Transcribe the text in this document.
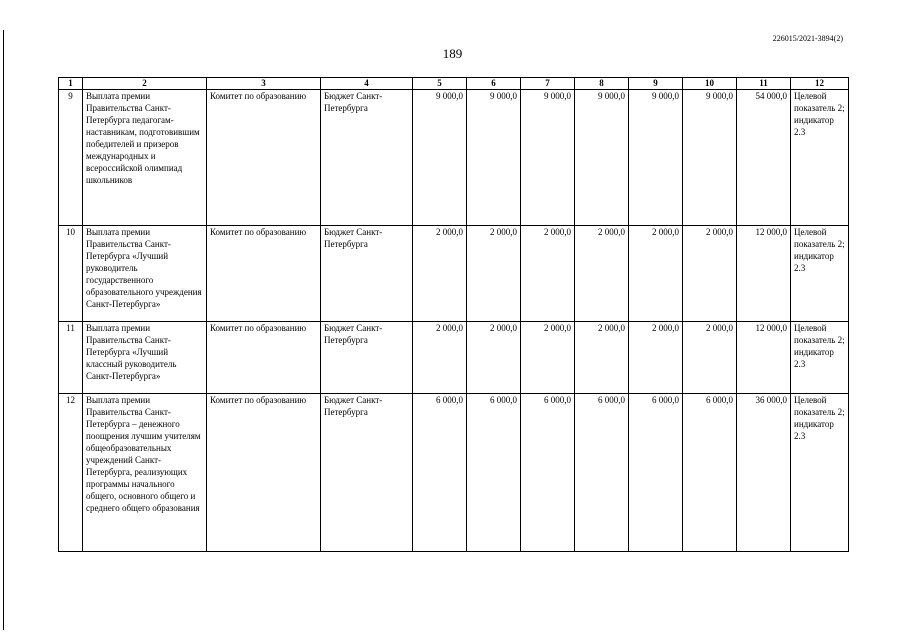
226015/2021-3894(2)
189
1	2	3	4	5	6	7	8	9	10	11	12
9	Выплата премии Правительства Санкт-Петербурга педагогам-наставникам, подготовившим победителей и призеров международных и всероссийской олимпиад школьников	Комитет по образованию	Бюджет Санкт-Петербурга	9 000,0	9 000,0	9 000,0	9 000,0	9 000,0	9 000,0	54 000,0	Целевой показатель 2; индикатор 2.3
10	Выплата премии Правительства Санкт-Петербурга «Лучший руководитель государственного образовательного учреждения Санкт-Петербурга»	Комитет по образованию	Бюджет Санкт-Петербурга	2 000,0	2 000,0	2 000,0	2 000,0	2 000,0	2 000,0	12 000,0	Целевой показатель 2; индикатор 2.3
11	Выплата премии Правительства Санкт-Петербурга «Лучший классный руководитель Санкт-Петербурга»	Комитет по образованию	Бюджет Санкт-Петербурга	2 000,0	2 000,0	2 000,0	2 000,0	2 000,0	2 000,0	12 000,0	Целевой показатель 2; индикатор 2.3
12	Выплата премии Правительства Санкт-Петербурга – денежного поощрения лучшим учителям общеобразовательных учреждений Санкт-Петербурга, реализующих программы начального общего, основного общего и среднего общего образования	Комитет по образованию	Бюджет Санкт-Петербурга	6 000,0	6 000,0	6 000,0	6 000,0	6 000,0	6 000,0	36 000,0	Целевой показатель 2; индикатор 2.3
